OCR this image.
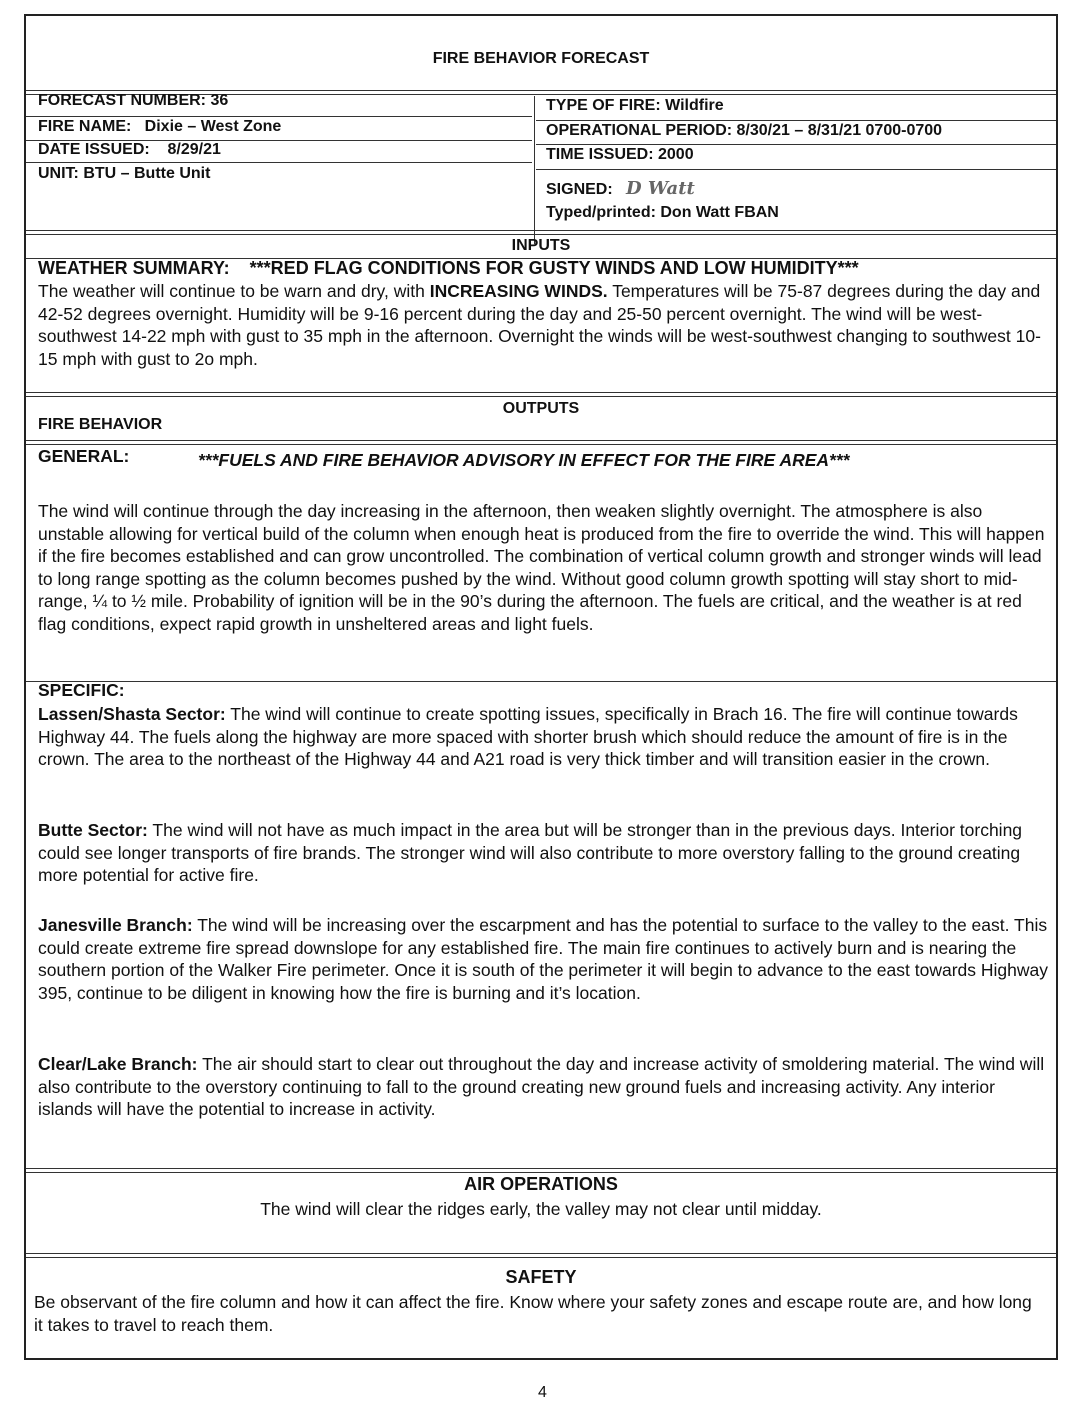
FIRE BEHAVIOR FORECAST
FORECAST NUMBER: 36
FIRE NAME: Dixie – West Zone
DATE ISSUED: 8/29/21
UNIT: BTU – Butte Unit
TYPE OF FIRE: Wildfire
OPERATIONAL PERIOD: 8/30/21 – 8/31/21 0700-0700
TIME ISSUED: 2000
SIGNED: D Watt
Typed/printed: Don Watt FBAN
INPUTS
WEATHER SUMMARY: ***RED FLAG CONDITIONS FOR GUSTY WINDS AND LOW HUMIDITY***
The weather will continue to be warn and dry, with INCREASING WINDS. Temperatures will be 75-87 degrees during the day and 42-52 degrees overnight. Humidity will be 9-16 percent during the day and 25-50 percent overnight. The wind will be west-southwest 14-22 mph with gust to 35 mph in the afternoon. Overnight the winds will be west-southwest changing to southwest 10-15 mph with gust to 2o mph.
OUTPUTS
FIRE BEHAVIOR
GENERAL:	***FUELS AND FIRE BEHAVIOR ADVISORY IN EFFECT FOR THE FIRE AREA***
The wind will continue through the day increasing in the afternoon, then weaken slightly overnight. The atmosphere is also unstable allowing for vertical build of the column when enough heat is produced from the fire to override the wind. This will happen if the fire becomes established and can grow uncontrolled. The combination of vertical column growth and stronger winds will lead to long range spotting as the column becomes pushed by the wind. Without good column growth spotting will stay short to mid-range, ¼ to ½ mile. Probability of ignition will be in the 90’s during the afternoon. The fuels are critical, and the weather is at red flag conditions, expect rapid growth in unsheltered areas and light fuels.
SPECIFIC:
Lassen/Shasta Sector: The wind will continue to create spotting issues, specifically in Brach 16. The fire will continue towards Highway 44. The fuels along the highway are more spaced with shorter brush which should reduce the amount of fire is in the crown. The area to the northeast of the Highway 44 and A21 road is very thick timber and will transition easier in the crown.
Butte Sector: The wind will not have as much impact in the area but will be stronger than in the previous days. Interior torching could see longer transports of fire brands. The stronger wind will also contribute to more overstory falling to the ground creating more potential for active fire.
Janesville Branch: The wind will be increasing over the escarpment and has the potential to surface to the valley to the east. This could create extreme fire spread downslope for any established fire. The main fire continues to actively burn and is nearing the southern portion of the Walker Fire perimeter. Once it is south of the perimeter it will begin to advance to the east towards Highway 395, continue to be diligent in knowing how the fire is burning and it’s location.
Clear/Lake Branch: The air should start to clear out throughout the day and increase activity of smoldering material. The wind will also contribute to the overstory continuing to fall to the ground creating new ground fuels and increasing activity. Any interior islands will have the potential to increase in activity.
AIR OPERATIONS
The wind will clear the ridges early, the valley may not clear until midday.
SAFETY
Be observant of the fire column and how it can affect the fire. Know where your safety zones and escape route are, and how long it takes to travel to reach them.
4
